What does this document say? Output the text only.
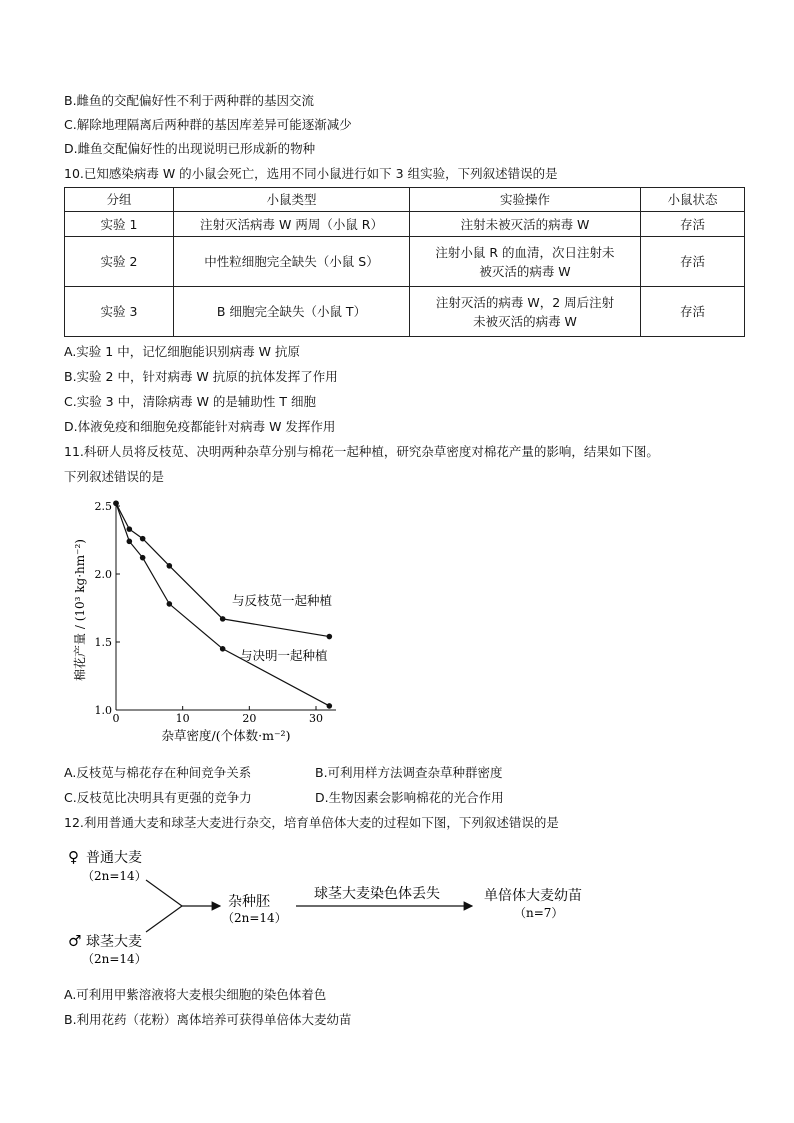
B.雌鱼的交配偏好性不利于两种群的基因交流
C.解除地理隔离后两种群的基因库差异可能逐渐减少
D.雌鱼交配偏好性的出现说明已形成新的物种
10.已知感染病毒 W 的小鼠会死亡，选用不同小鼠进行如下 3 组实验，下列叙述错误的是
分组	小鼠类型	实验操作	小鼠状态
实验 1	注射灭活病毒 W 两周（小鼠 R）	注射未被灭活的病毒 W	存活
实验 2	中性粒细胞完全缺失（小鼠 S）	注射小鼠 R 的血清，次日注射未
被灭活的病毒 W	存活
实验 3	B 细胞完全缺失（小鼠 T）	注射灭活的病毒 W，2 周后注射
未被灭活的病毒 W	存活
A.实验 1 中，记忆细胞能识别病毒 W 抗原
B.实验 2 中，针对病毒 W 抗原的抗体发挥了作用
C.实验 3 中，清除病毒 W 的是辅助性 T 细胞
D.体液免疫和细胞免疫都能针对病毒 W 发挥作用
11.科研人员将反枝苋、决明两种杂草分别与棉花一起种植，研究杂草密度对棉花产量的影响，结果如下图。
下列叙述错误的是
0	10	20	30
1.0
1.5
2.0
2.5
与反枝苋一起种植
与决明一起种植
杂草密度/(个体数·m⁻²)
棉花产量 / (10³ kg·hm⁻²)
A.反枝苋与棉花存在种间竞争关系	B.可利用样方法调查杂草种群密度
C.反枝苋比决明具有更强的竞争力	D.生物因素会影响棉花的光合作用
12.利用普通大麦和球茎大麦进行杂交，培育单倍体大麦的过程如下图，下列叙述错误的是
♀ 普通大麦
（2n=14）
♂ 球茎大麦
（2n=14）
杂种胚
（2n=14）
球茎大麦染色体丢失	单倍体大麦幼苗
（n=7）
A.可利用甲紫溶液将大麦根尖细胞的染色体着色
B.利用花药（花粉）离体培养可获得单倍体大麦幼苗
